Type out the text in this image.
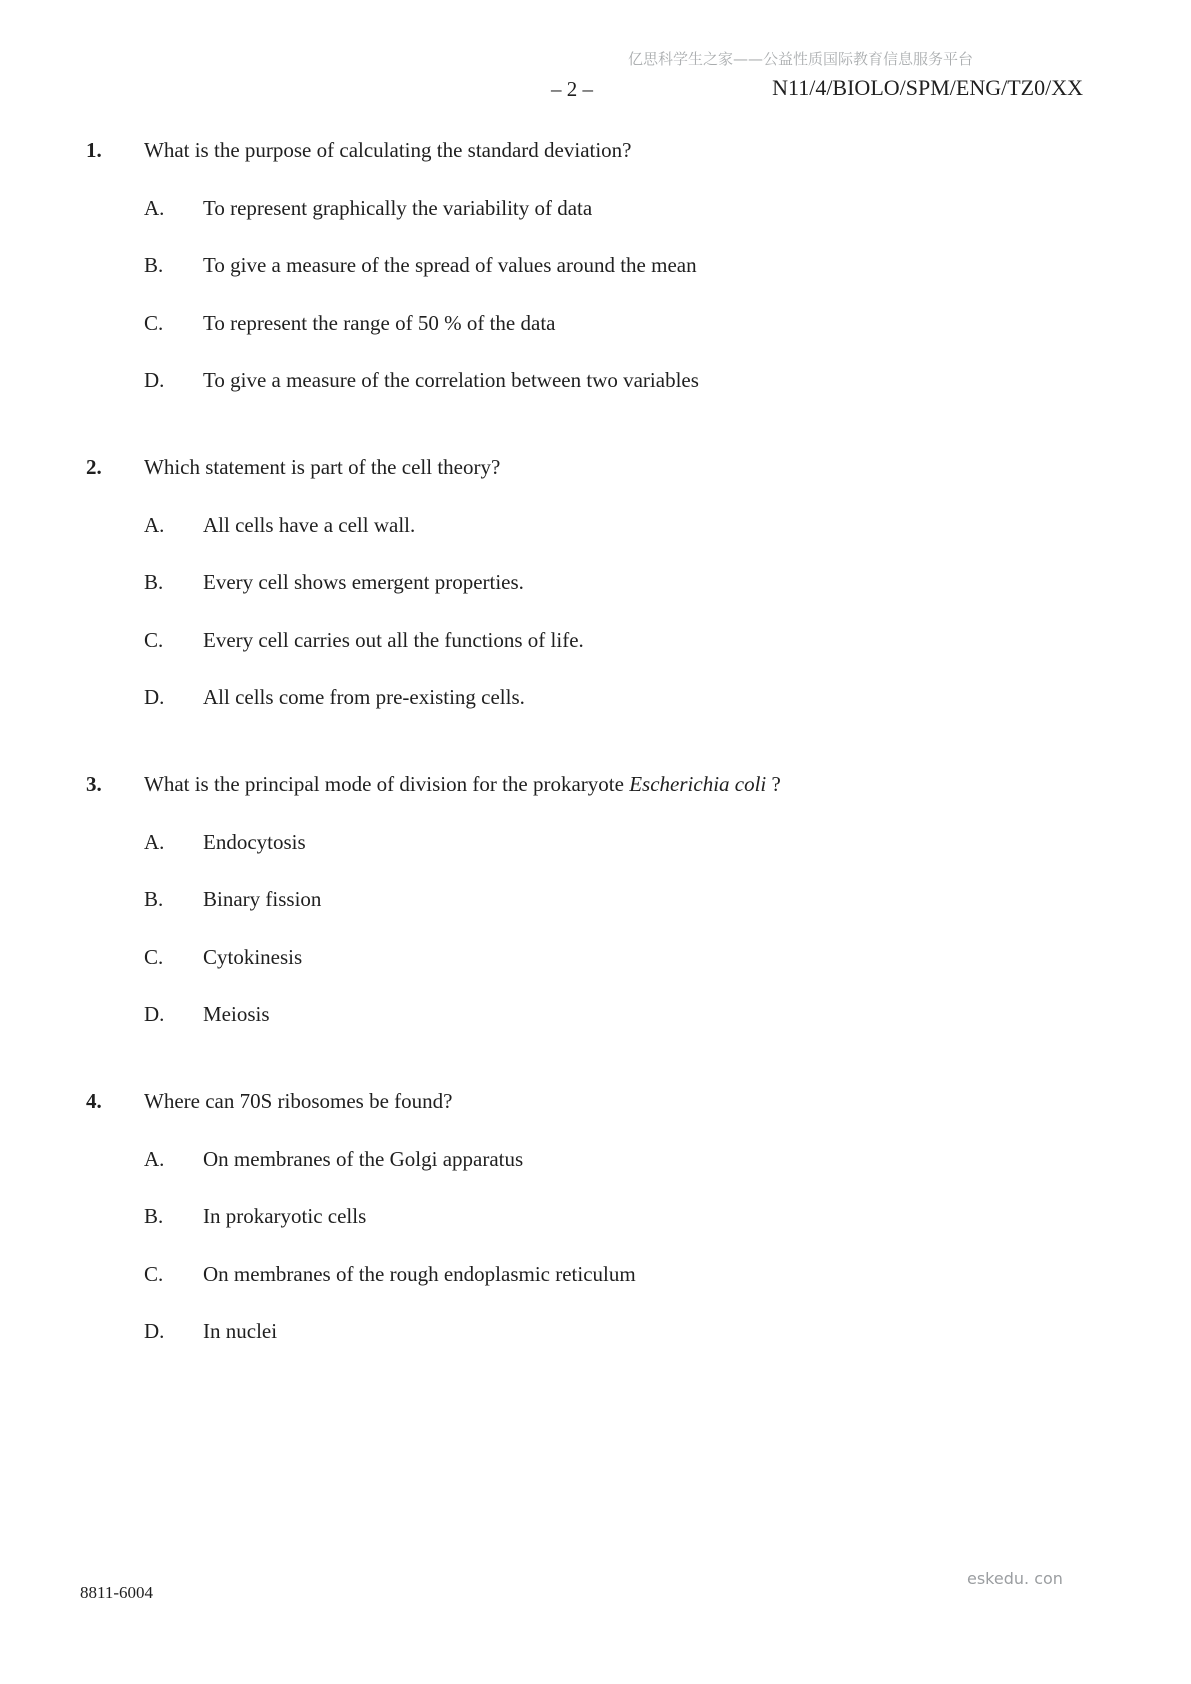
亿思科学生之家——公益性质国际教育信息服务平台
– 2 –	N11/4/BIOLO/SPM/ENG/TZ0/XX
1.	What is the purpose of calculating the standard deviation?
A.	To represent graphically the variability of data
B.	To give a measure of the spread of values around the mean
C.	To represent the range of 50 % of the data
D.	To give a measure of the correlation between two variables
2.	Which statement is part of the cell theory?
A.	All cells have a cell wall.
B.	Every cell shows emergent properties.
C.	Every cell carries out all the functions of life.
D.	All cells come from pre-existing cells.
3.	What is the principal mode of division for the prokaryote Escherichia coli ?
A.	Endocytosis
B.	Binary fission
C.	Cytokinesis
D.	Meiosis
4.	Where can 70S ribosomes be found?
A.	On membranes of the Golgi apparatus
B.	In prokaryotic cells
C.	On membranes of the rough endoplasmic reticulum
D.	In nuclei
8811-6004
eskedu. con
